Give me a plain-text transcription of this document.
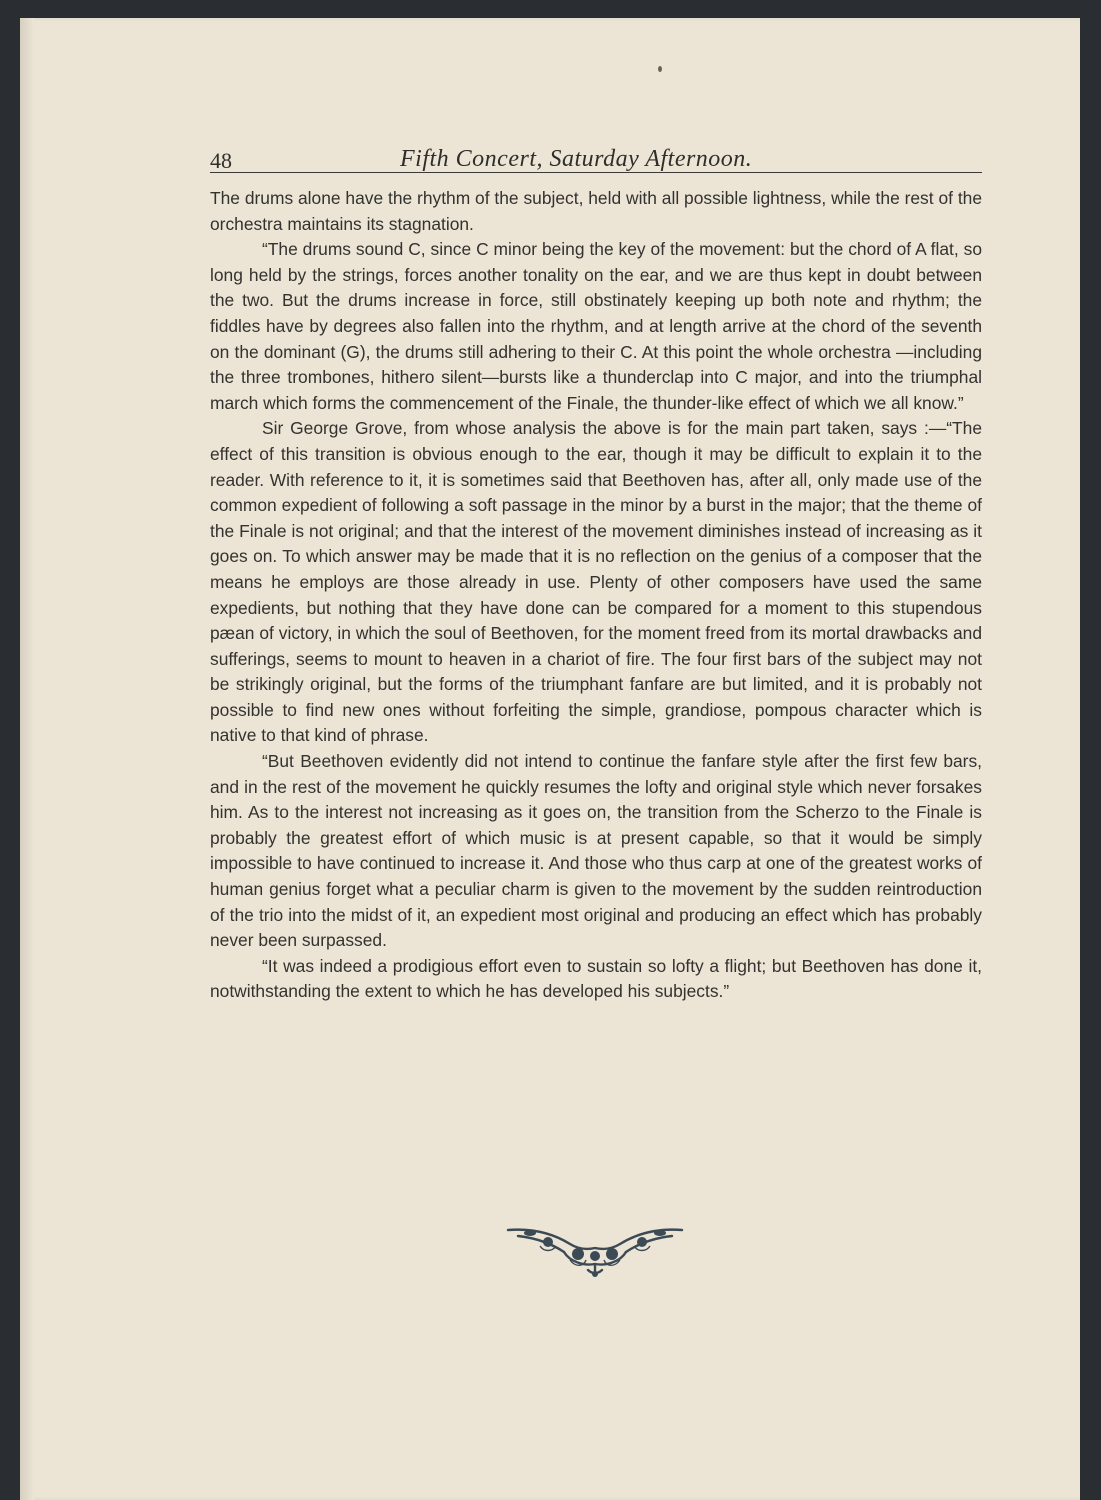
48	Fifth Concert, Saturday Afternoon.

The drums alone have the rhythm of the subject, held with all possible lightness, while the rest of the orchestra maintains its stagnation.

“The drums sound C, since C minor being the key of the movement: but the chord of A flat, so long held by the strings, forces another tonality on the ear, and we are thus kept in doubt between the two. But the drums increase in force, still obstinately keeping up both note and rhythm; the fiddles have by degrees also fallen into the rhythm, and at length arrive at the chord of the seventh on the dominant (G), the drums still adhering to their C. At this point the whole orchestra —including the three trombones, hithero silent—bursts like a thunderclap into C major, and into the triumphal march which forms the commencement of the Finale, the thunder-like effect of which we all know.”

Sir George Grove, from whose analysis the above is for the main part taken, says :—“The effect of this transition is obvious enough to the ear, though it may be difficult to explain it to the reader. With reference to it, it is sometimes said that Beethoven has, after all, only made use of the common expedient of following a soft passage in the minor by a burst in the major; that the theme of the Finale is not original; and that the interest of the movement diminishes instead of increasing as it goes on. To which answer may be made that it is no reflection on the genius of a composer that the means he employs are those already in use. Plenty of other composers have used the same expedients, but nothing that they have done can be compared for a moment to this stupendous pæan of victory, in which the soul of Beethoven, for the moment freed from its mortal drawbacks and sufferings, seems to mount to heaven in a chariot of fire. The four first bars of the subject may not be strikingly original, but the forms of the triumphant fanfare are but limited, and it is probably not possible to find new ones without forfeiting the simple, grandiose, pompous character which is native to that kind of phrase.

“But Beethoven evidently did not intend to continue the fanfare style after the first few bars, and in the rest of the movement he quickly resumes the lofty and original style which never forsakes him. As to the interest not increasing as it goes on, the transition from the Scherzo to the Finale is probably the greatest effort of which music is at present capable, so that it would be simply impossible to have continued to increase it. And those who thus carp at one of the greatest works of human genius forget what a peculiar charm is given to the movement by the sudden reintroduction of the trio into the midst of it, an expedient most original and producing an effect which has probably never been surpassed.

“It was indeed a prodigious effort even to sustain so lofty a flight; but Beethoven has done it, notwithstanding the extent to which he has developed his subjects.”
